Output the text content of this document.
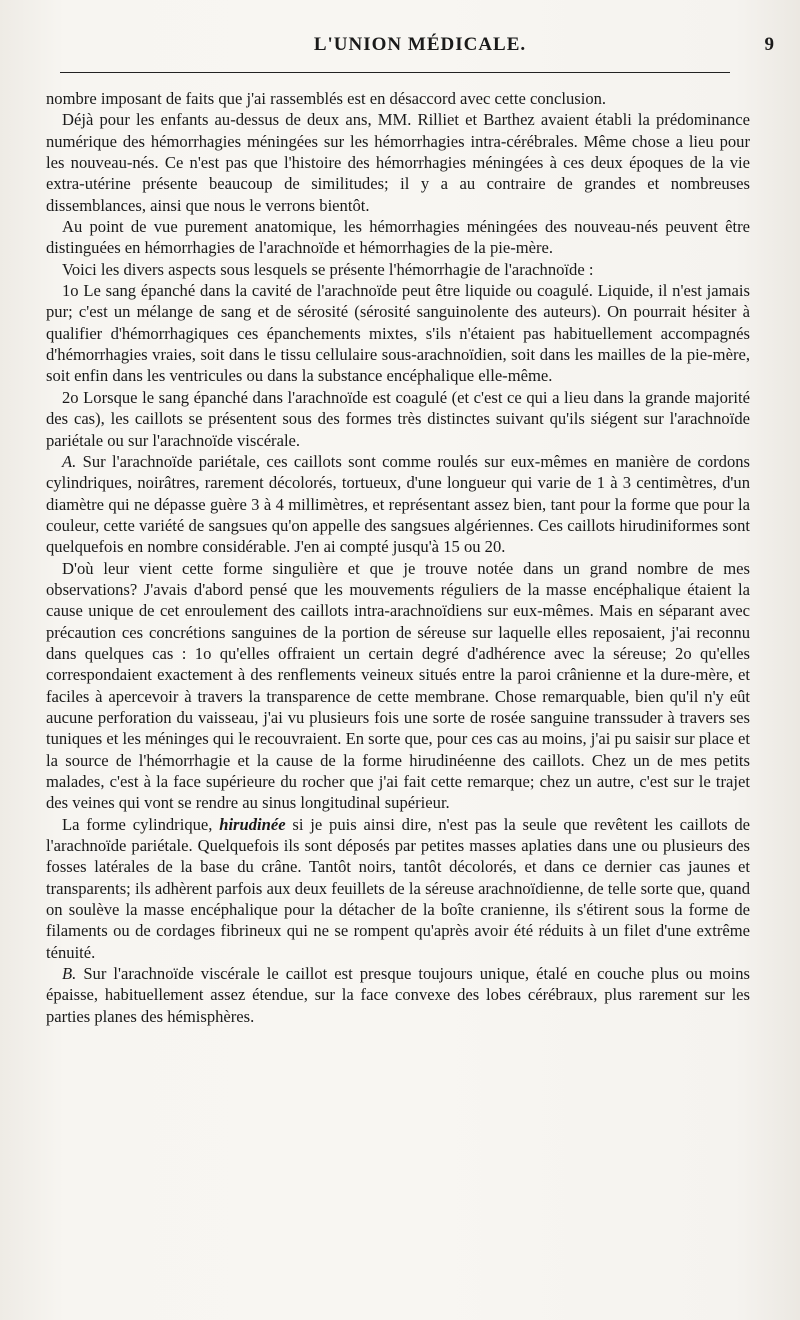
L'UNION MÉDICALE.	9

nombre imposant de faits que j'ai rassemblés est en désaccord avec cette conclusion.

Déjà pour les enfants au-dessus de deux ans, MM. Rilliet et Barthez avaient établi la prédominance numérique des hémorrhagies méningées sur les hémorrhagies intra-cérébrales. Même chose a lieu pour les nouveau-nés. Ce n'est pas que l'histoire des hémorrhagies méningées à ces deux époques de la vie extra-utérine présente beaucoup de similitudes; il y a au contraire de grandes et nombreuses dissemblances, ainsi que nous le verrons bientôt.

Au point de vue purement anatomique, les hémorrhagies méningées des nouveau-nés peuvent être distinguées en hémorrhagies de l'arachnoïde et hémorrhagies de la pie-mère.

Voici les divers aspects sous lesquels se présente l'hémorrhagie de l'arachnoïde :

1o Le sang épanché dans la cavité de l'arachnoïde peut être liquide ou coagulé. Liquide, il n'est jamais pur; c'est un mélange de sang et de sérosité (sérosité sanguinolente des auteurs). On pourrait hésiter à qualifier d'hémorrhagiques ces épanchements mixtes, s'ils n'étaient pas habituellement accompagnés d'hémorrhagies vraies, soit dans le tissu cellulaire sous-arachnoïdien, soit dans les mailles de la pie-mère, soit enfin dans les ventricules ou dans la substance encéphalique elle-même.

2o Lorsque le sang épanché dans l'arachnoïde est coagulé (et c'est ce qui a lieu dans la grande majorité des cas), les caillots se présentent sous des formes très distinctes suivant qu'ils siégent sur l'arachnoïde pariétale ou sur l'arachnoïde viscérale.

A. Sur l'arachnoïde pariétale, ces caillots sont comme roulés sur eux-mêmes en manière de cordons cylindriques, noirâtres, rarement décolorés, tortueux, d'une longueur qui varie de 1 à 3 centimètres, d'un diamètre qui ne dépasse guère 3 à 4 millimètres, et représentant assez bien, tant pour la forme que pour la couleur, cette variété de sangsues qu'on appelle des sangsues algériennes. Ces caillots hirudiniformes sont quelquefois en nombre considérable. J'en ai compté jusqu'à 15 ou 20.

D'où leur vient cette forme singulière et que je trouve notée dans un grand nombre de mes observations? J'avais d'abord pensé que les mouvements réguliers de la masse encéphalique étaient la cause unique de cet enroulement des caillots intra-arachnoïdiens sur eux-mêmes. Mais en séparant avec précaution ces concrétions sanguines de la portion de séreuse sur laquelle elles reposaient, j'ai reconnu dans quelques cas : 1o qu'elles offraient un certain degré d'adhérence avec la séreuse; 2o qu'elles correspondaient exactement à des renflements veineux situés entre la paroi crânienne et la dure-mère, et faciles à apercevoir à travers la transparence de cette membrane. Chose remarquable, bien qu'il n'y eût aucune perforation du vaisseau, j'ai vu plusieurs fois une sorte de rosée sanguine transsuder à travers ses tuniques et les méninges qui le recouvraient. En sorte que, pour ces cas au moins, j'ai pu saisir sur place et la source de l'hémorrhagie et la cause de la forme hirudinéenne des caillots. Chez un de mes petits malades, c'est à la face supérieure du rocher que j'ai fait cette remarque; chez un autre, c'est sur le trajet des veines qui vont se rendre au sinus longitudinal supérieur.

La forme cylindrique, hirudinée si je puis ainsi dire, n'est pas la seule que revêtent les caillots de l'arachnoïde pariétale. Quelquefois ils sont déposés par petites masses aplaties dans une ou plusieurs des fosses latérales de la base du crâne. Tantôt noirs, tantôt décolorés, et dans ce dernier cas jaunes et transparents; ils adhèrent parfois aux deux feuillets de la séreuse arachnoïdienne, de telle sorte que, quand on soulève la masse encéphalique pour la détacher de la boîte cranienne, ils s'étirent sous la forme de filaments ou de cordages fibrineux qui ne se rompent qu'après avoir été réduits à un filet d'une extrême ténuité.

B. Sur l'arachnoïde viscérale le caillot est presque toujours unique, étalé en couche plus ou moins épaisse, habituellement assez étendue, sur la face convexe des lobes cérébraux, plus rarement sur les parties planes des hémisphères.
